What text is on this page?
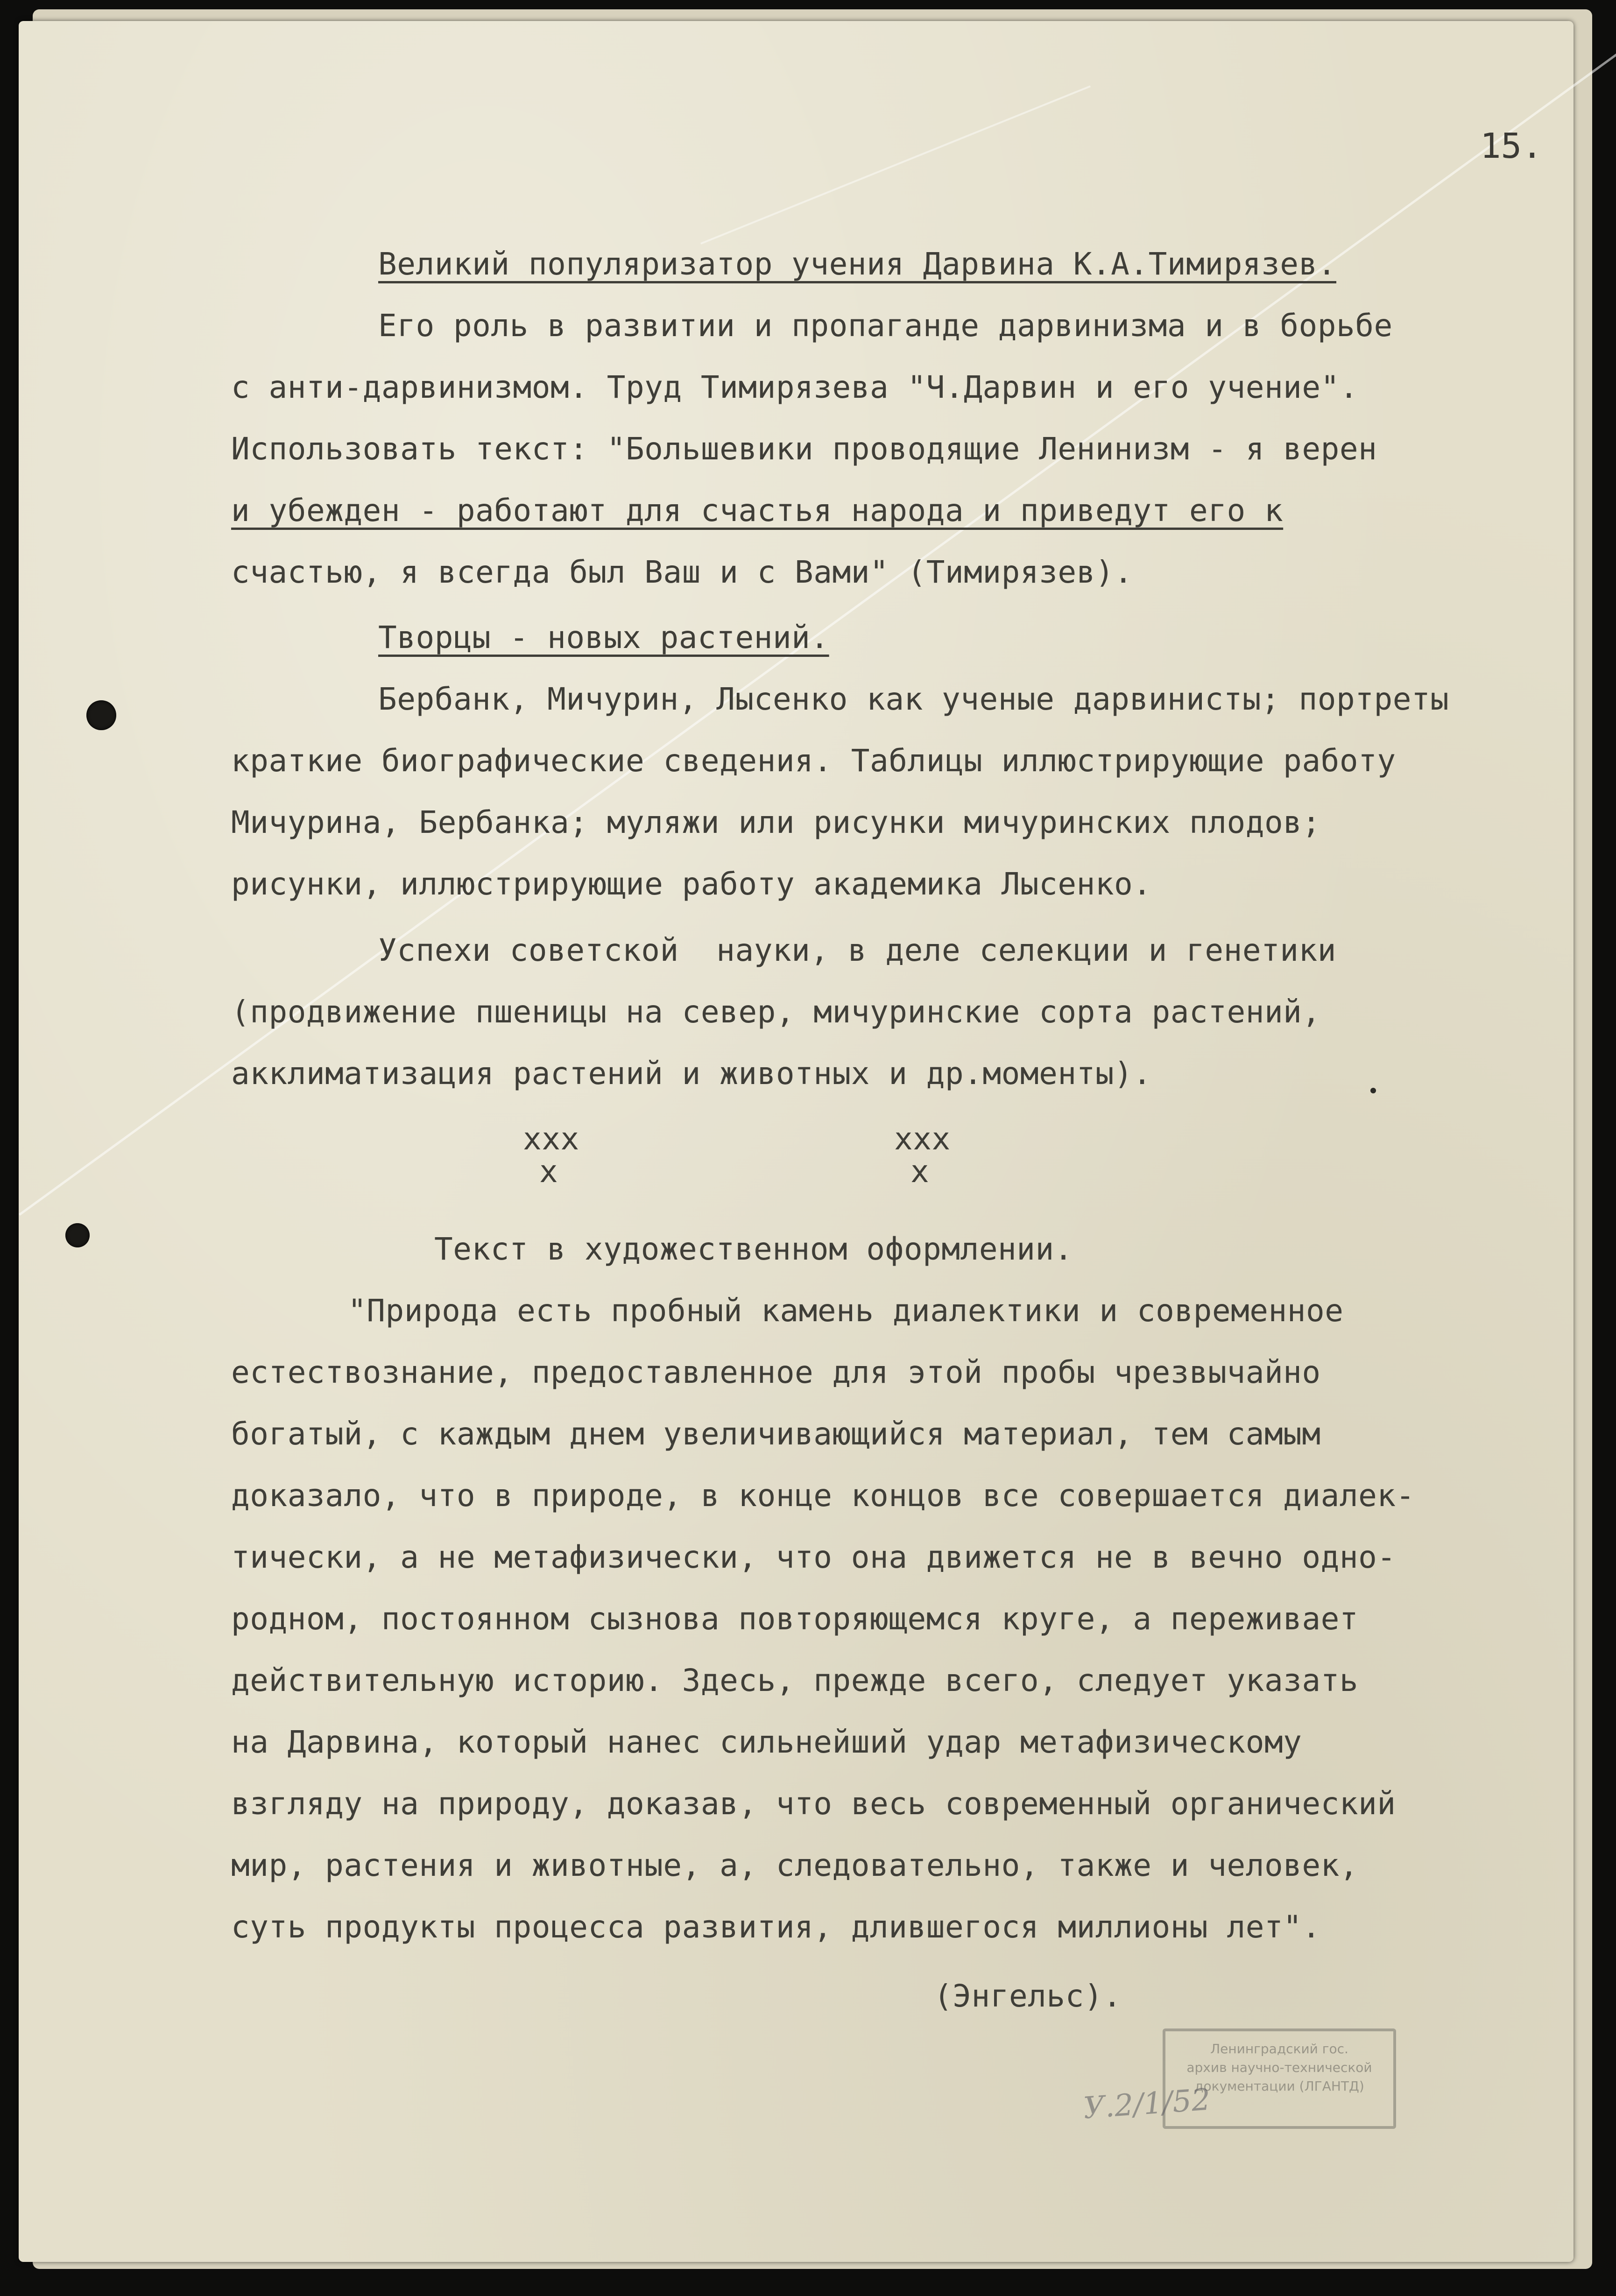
15.
Великий популяризатор учения Дарвина К.А.Тимирязев.
Его роль в развитии и пропаганде дарвинизма и в борьбе
с анти-дарвинизмом. Труд Тимирязева "Ч.Дарвин и его учение".
Использовать текст: "Большевики проводящие Ленинизм - я верен
и убежден - работают для счастья народа и приведут его к
счастью, я всегда был Ваш и с Вами" (Тимирязев).
Творцы - новых растений.
Бербанк, Мичурин, Лысенко как ученые дарвинисты; портреты
краткие биографические сведения. Таблицы иллюстрирующие работу
Мичурина, Бербанка; муляжи или рисунки мичуринских плодов;
рисунки, иллюстрирующие работу академика Лысенко.
Успехи советской  науки, в деле селекции и генетики
(продвижение пшеницы на север, мичуринские сорта растений,
акклиматизация растений и животных и др.моменты).
xxx
x
xxx
x
Текст в художественном оформлении.
"Природа есть пробный камень диалектики и современное
естествознание, предоставленное для этой пробы чрезвычайно
богатый, с каждым днем увеличивающийся материал, тем самым
доказало, что в природе, в конце концов все совершается диалек-
тически, а не метафизически, что она движется не в вечно одно-
родном, постоянном сызнова повторяющемся круге, а переживает
действительную историю. Здесь, прежде всего, следует указать
на Дарвина, который нанес сильнейший удар метафизическому
взгляду на природу, доказав, что весь современный органический
мир, растения и животные, а, следовательно, также и человек,
суть продукты процесса развития, длившегося миллионы лет".
(Энгельс).
Ленинградский гос.
архив научно-технической
документации (ЛГАНТД)
У.2/1/52
